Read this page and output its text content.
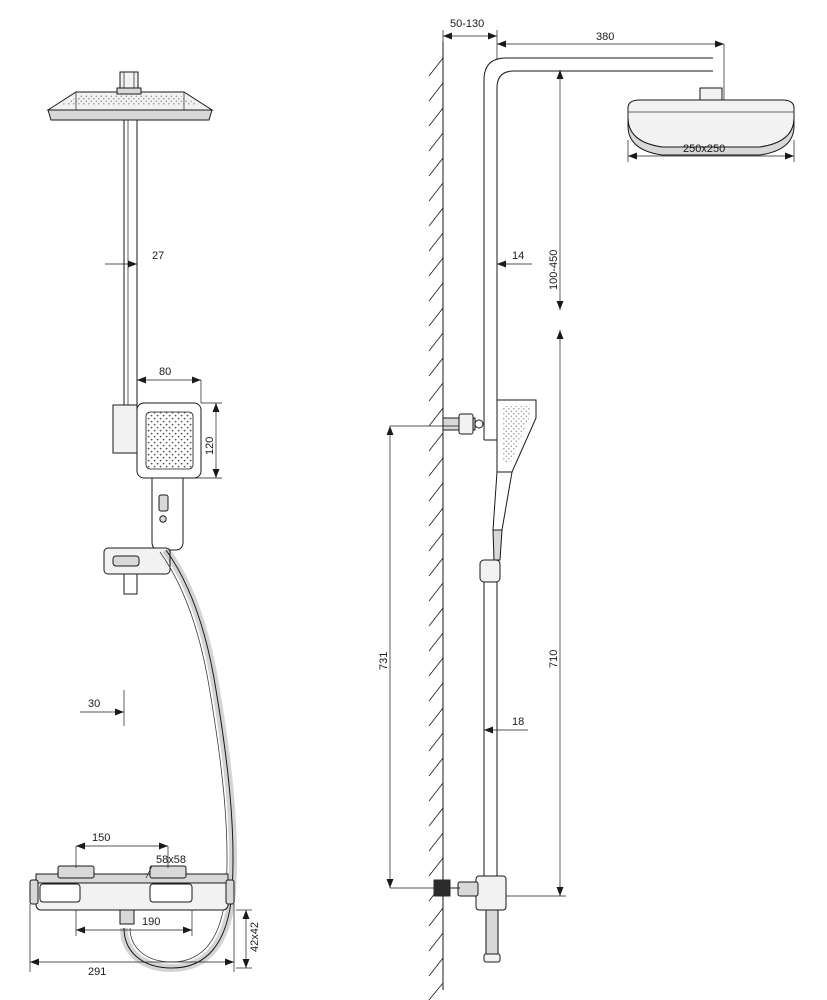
27
80
120
30
150
58x58
190
42x42
291
50-130
380
250x250
14 100-450
18
731	710
